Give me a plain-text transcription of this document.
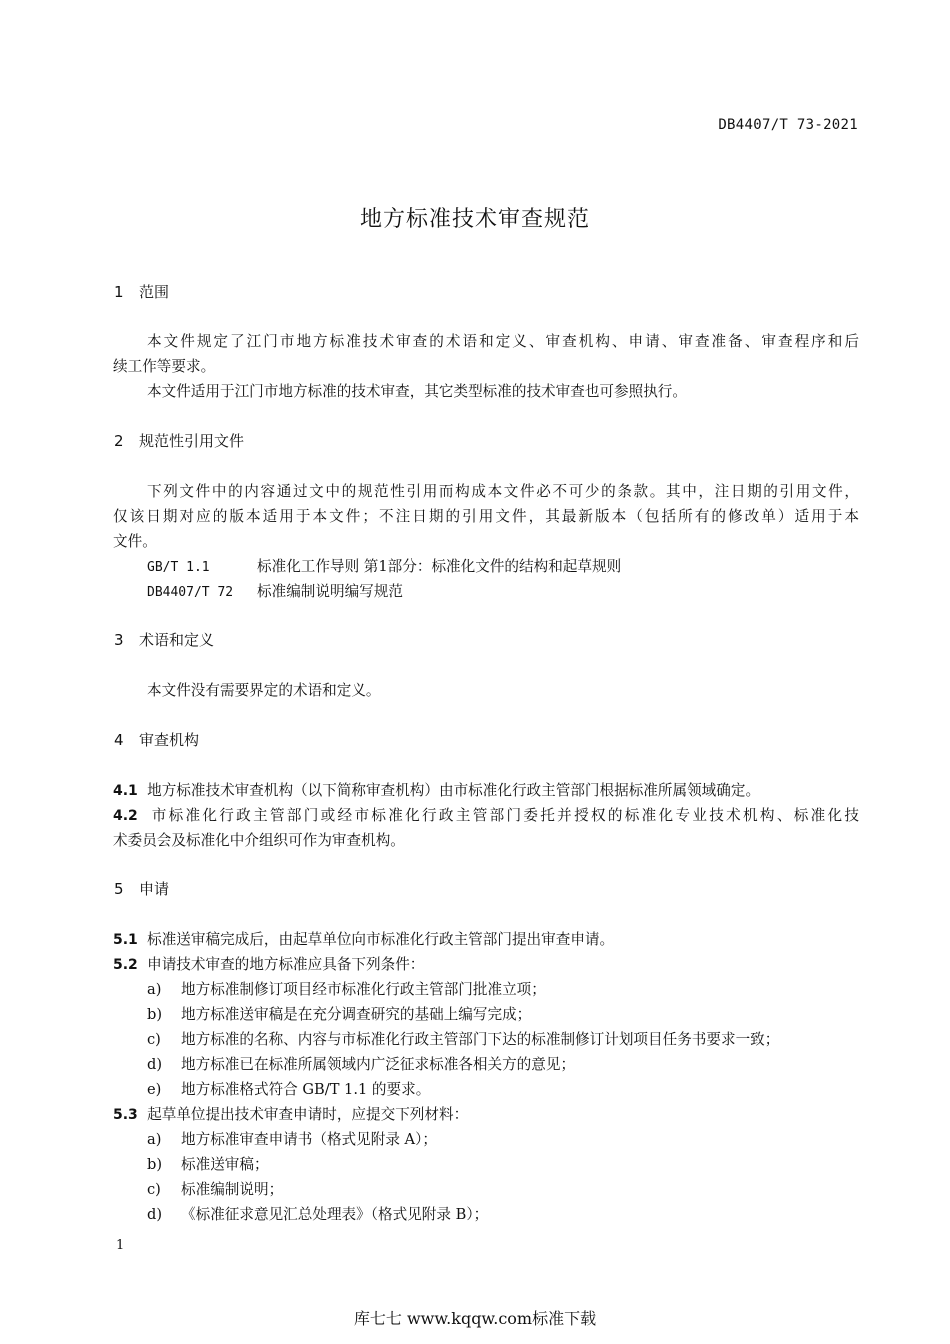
DB4407/T 73-2021
地方标准技术审查规范
1 范围
本文件规定了江门市地方标准技术审查的术语和定义、审查机构、申请、审查准备、审查程序和后
续工作等要求。
本文件适用于江门市地方标准的技术审查，其它类型标准的技术审查也可参照执行。
2 规范性引用文件
下列文件中的内容通过文中的规范性引用而构成本文件必不可少的条款。其中，注日期的引用文件，
仅该日期对应的版本适用于本文件；不注日期的引用文件，其最新版本（包括所有的修改单）适用于本
文件。
GB/T 1.1	标准化工作导则 第1部分：标准化文件的结构和起草规则
DB4407/T 72 标准编制说明编写规范
3 术语和定义
本文件没有需要界定的术语和定义。
4 审查机构
4.1 地方标准技术审查机构（以下简称审查机构）由市标准化行政主管部门根据标准所属领域确定。
4.2 市标准化行政主管部门或经市标准化行政主管部门委托并授权的标准化专业技术机构、标准化技
术委员会及标准化中介组织可作为审查机构。
5 申请
5.1 标准送审稿完成后，由起草单位向市标准化行政主管部门提出审查申请。
5.2 申请技术审查的地方标准应具备下列条件：
a) 地方标准制修订项目经市标准化行政主管部门批准立项；
b) 地方标准送审稿是在充分调查研究的基础上编写完成；
c) 地方标准的名称、内容与市标准化行政主管部门下达的标准制修订计划项目任务书要求一致；
d) 地方标准已在标准所属领域内广泛征求标准各相关方的意见；
e) 地方标准格式符合 GB/T 1.1 的要求。
5.3 起草单位提出技术审查申请时，应提交下列材料：
a) 地方标准审查申请书（格式见附录 A）；
b) 标准送审稿；
c) 标准编制说明；
d) 《标准征求意见汇总处理表》（格式见附录 B）；
1
库七七 www.kqqw.com标准下载
